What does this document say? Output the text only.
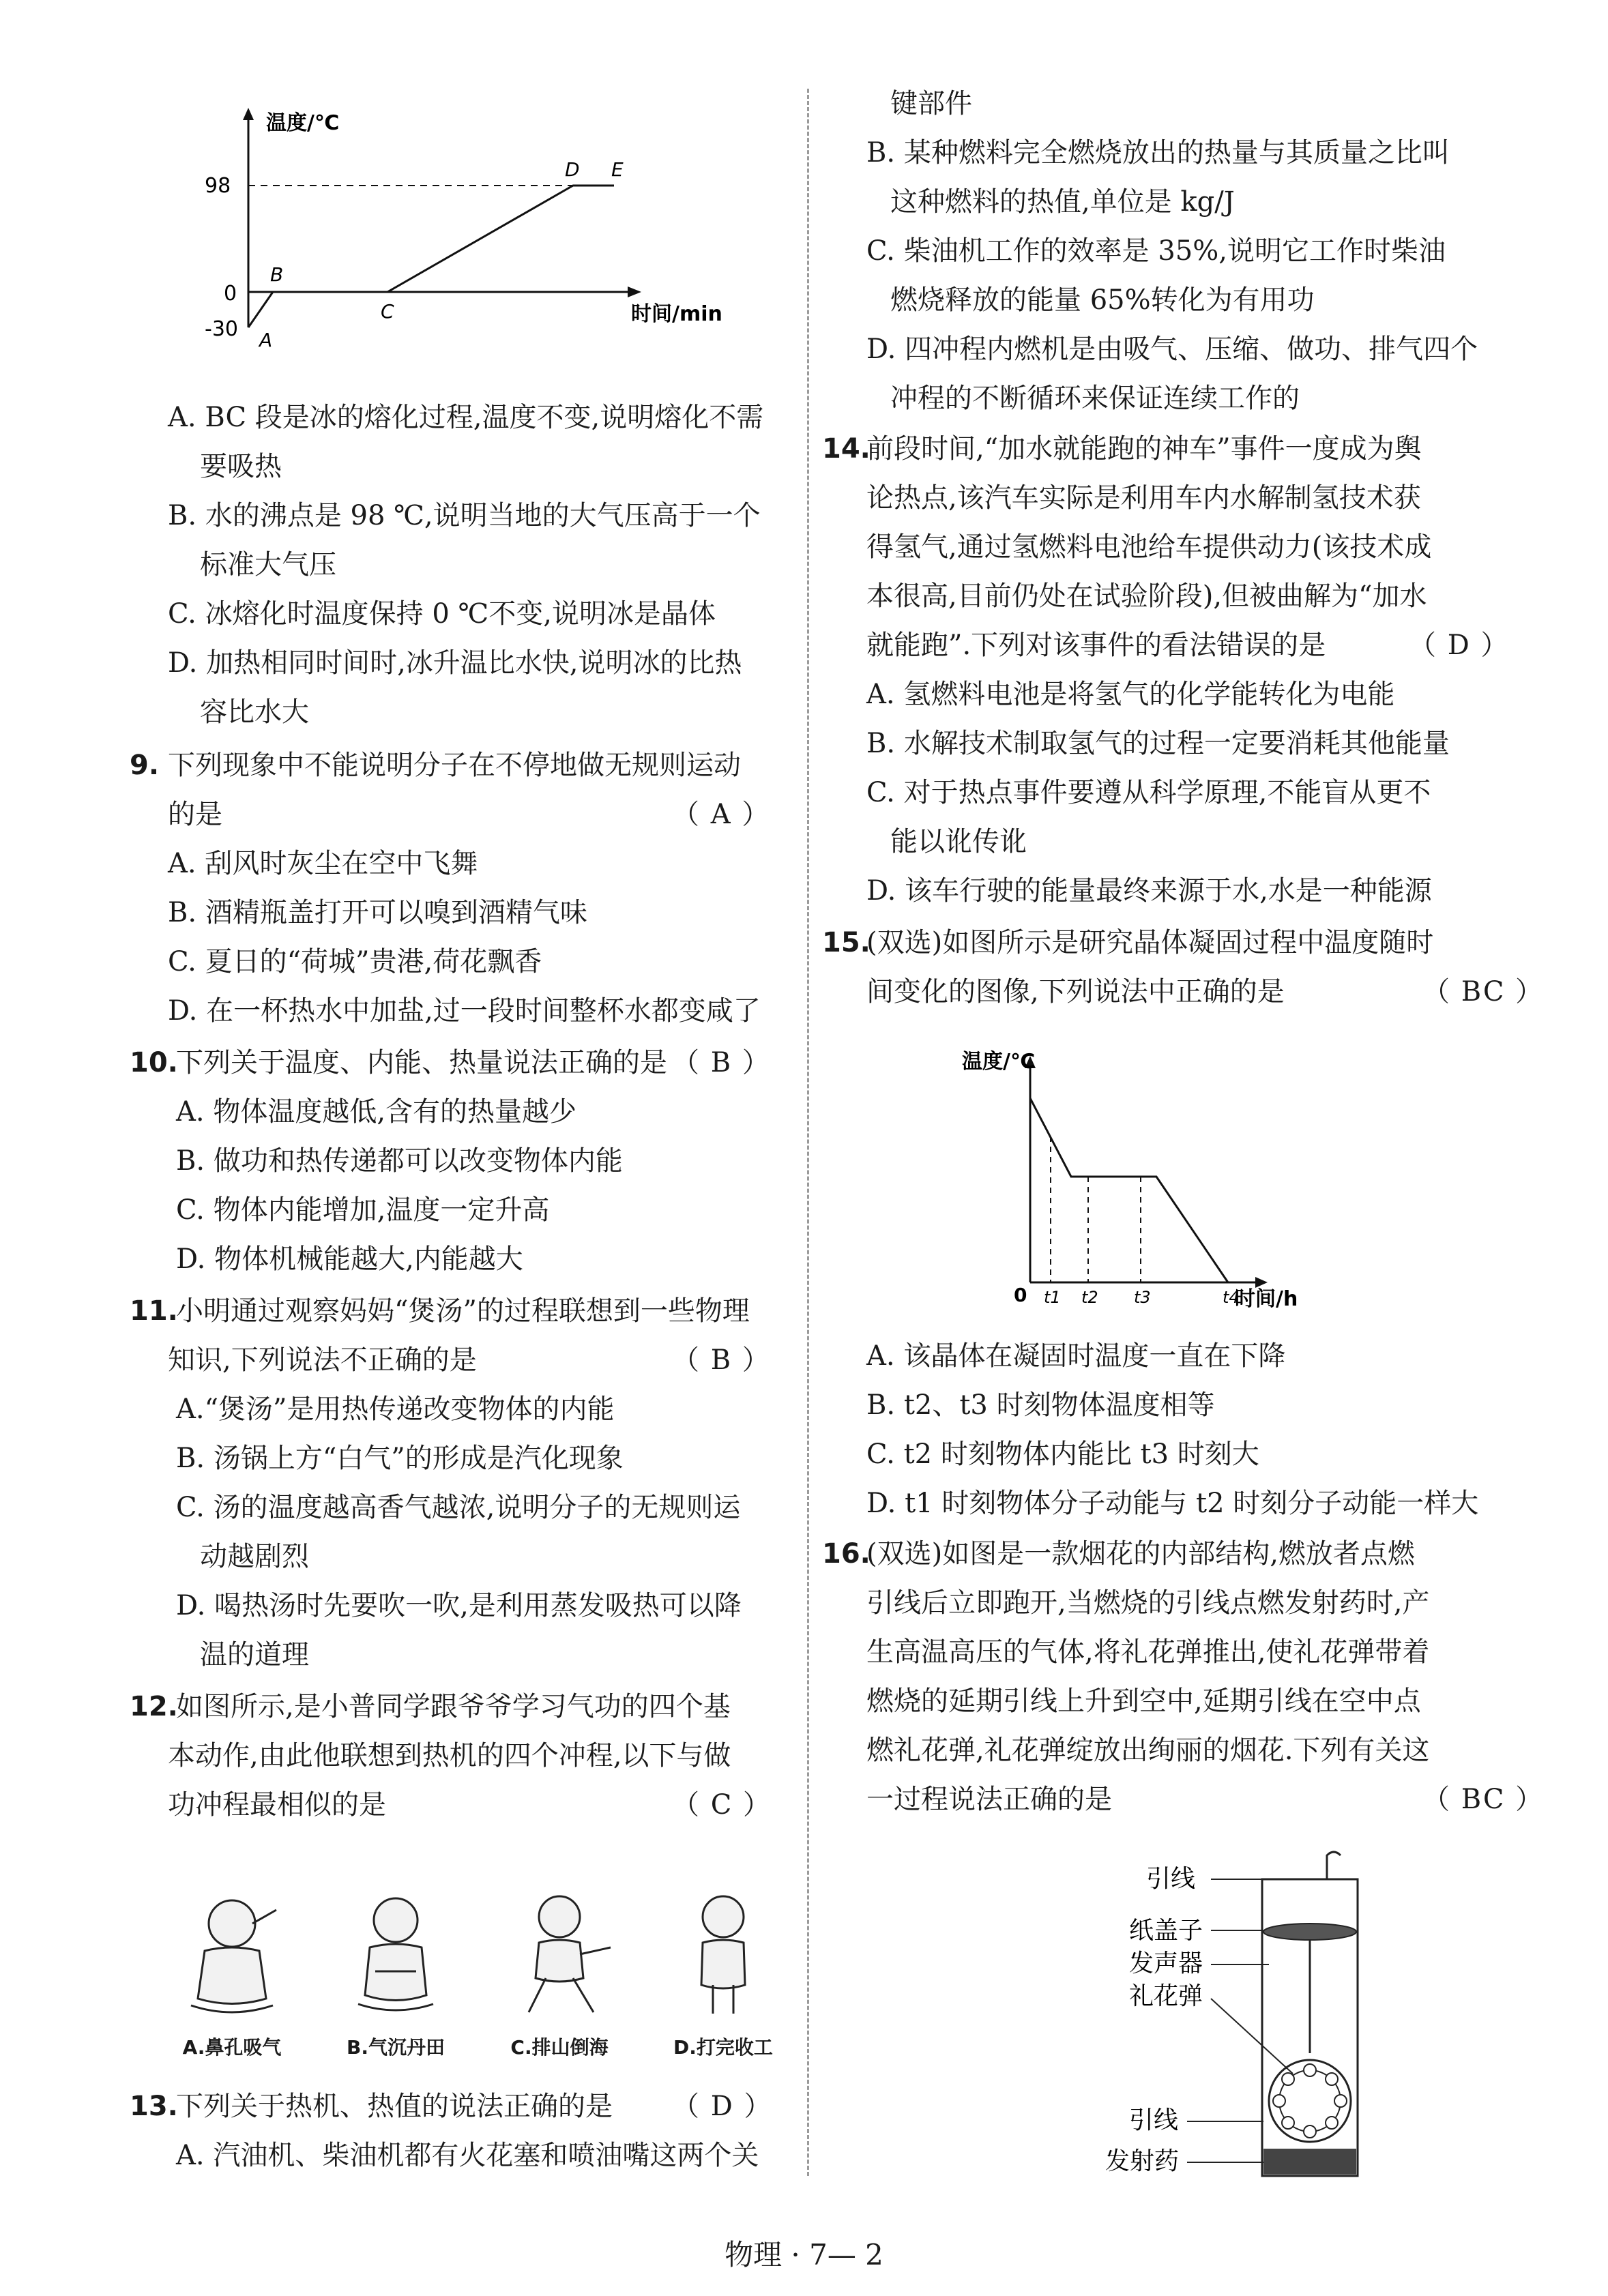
温度/℃
时间/min
98
0
-30 A
B
C
D E
A. BC 段是冰的熔化过程,温度不变,说明熔化不需
要吸热
B. 水的沸点是 98 ℃,说明当地的大气压高于一个
标准大气压
C. 冰熔化时温度保持 0 ℃不变,说明冰是晶体
D. 加热相同时间时,冰升温比水快,说明冰的比热
容比水大
9. 下列现象中不能说明分子在不停地做无规则运动
的是	（ A ）
A. 刮风时灰尘在空中飞舞
B. 酒精瓶盖打开可以嗅到酒精气味
C. 夏日的“荷城”贵港,荷花飘香
D. 在一杯热水中加盐,过一段时间整杯水都变咸了
10.
下列关于温度、内能、热量说法正确的是 （ B ）
A. 物体温度越低,含有的热量越少
B. 做功和热传递都可以改变物体内能
C. 物体内能增加,温度一定升高
D. 物体机械能越大,内能越大
11.
小明通过观察妈妈“煲汤”的过程联想到一些物理
知识,下列说法不正确的是	（ B ）
A.“煲汤”是用热传递改变物体的内能
B. 汤锅上方“白气”的形成是汽化现象
C. 汤的温度越高香气越浓,说明分子的无规则运
动越剧烈
D. 喝热汤时先要吹一吹,是利用蒸发吸热可以降
温的道理
12.
如图所示,是小普同学跟爷爷学习气功的四个基
本动作,由此他联想到热机的四个冲程,以下与做
功冲程最相似的是	（ C ）
A.鼻孔吸气	B.气沉丹田	C.排山倒海	D.打完收工
13.
下列关于热机、热值的说法正确的是 （ D ）
A. 汽油机、柴油机都有火花塞和喷油嘴这两个关
键部件
B. 某种燃料完全燃烧放出的热量与其质量之比叫
这种燃料的热值,单位是 kg/J
C. 柴油机工作的效率是 35%,说明它工作时柴油
燃烧释放的能量 65%转化为有用功
D. 四冲程内燃机是由吸气、压缩、做功、排气四个
冲程的不断循环来保证连续工作的
14.
前段时间,“加水就能跑的神车”事件一度成为舆
论热点,该汽车实际是利用车内水解制氢技术获
得氢气,通过氢燃料电池给车提供动力(该技术成
本很高,目前仍处在试验阶段),但被曲解为“加水
就能跑”.下列对该事件的看法错误的是	（ D ）
A. 氢燃料电池是将氢气的化学能转化为电能
B. 水解技术制取氢气的过程一定要消耗其他能量
C. 对于热点事件要遵从科学原理,不能盲从更不
能以讹传讹
D. 该车行驶的能量最终来源于水,水是一种能源
15.
(双选)如图所示是研究晶体凝固过程中温度随时
间变化的图像,下列说法中正确的是	（ BC ）
温度/℃
时间/h
0 t1 t2 t3	t4
A. 该晶体在凝固时温度一直在下降
B. t2、t3 时刻物体温度相等
C. t2 时刻物体内能比 t3 时刻大
D. t1 时刻物体分子动能与 t2 时刻分子动能一样大
16.
(双选)如图是一款烟花的内部结构,燃放者点燃
引线后立即跑开,当燃烧的引线点燃发射药时,产
生高温高压的气体,将礼花弹推出,使礼花弹带着
燃烧的延期引线上升到空中,延期引线在空中点
燃礼花弹,礼花弹绽放出绚丽的烟花.下列有关这
一过程说法正确的是	（ BC ）
引线
纸盖子
发声器
礼花弹
引线
发射药
物理 · 7— 2
